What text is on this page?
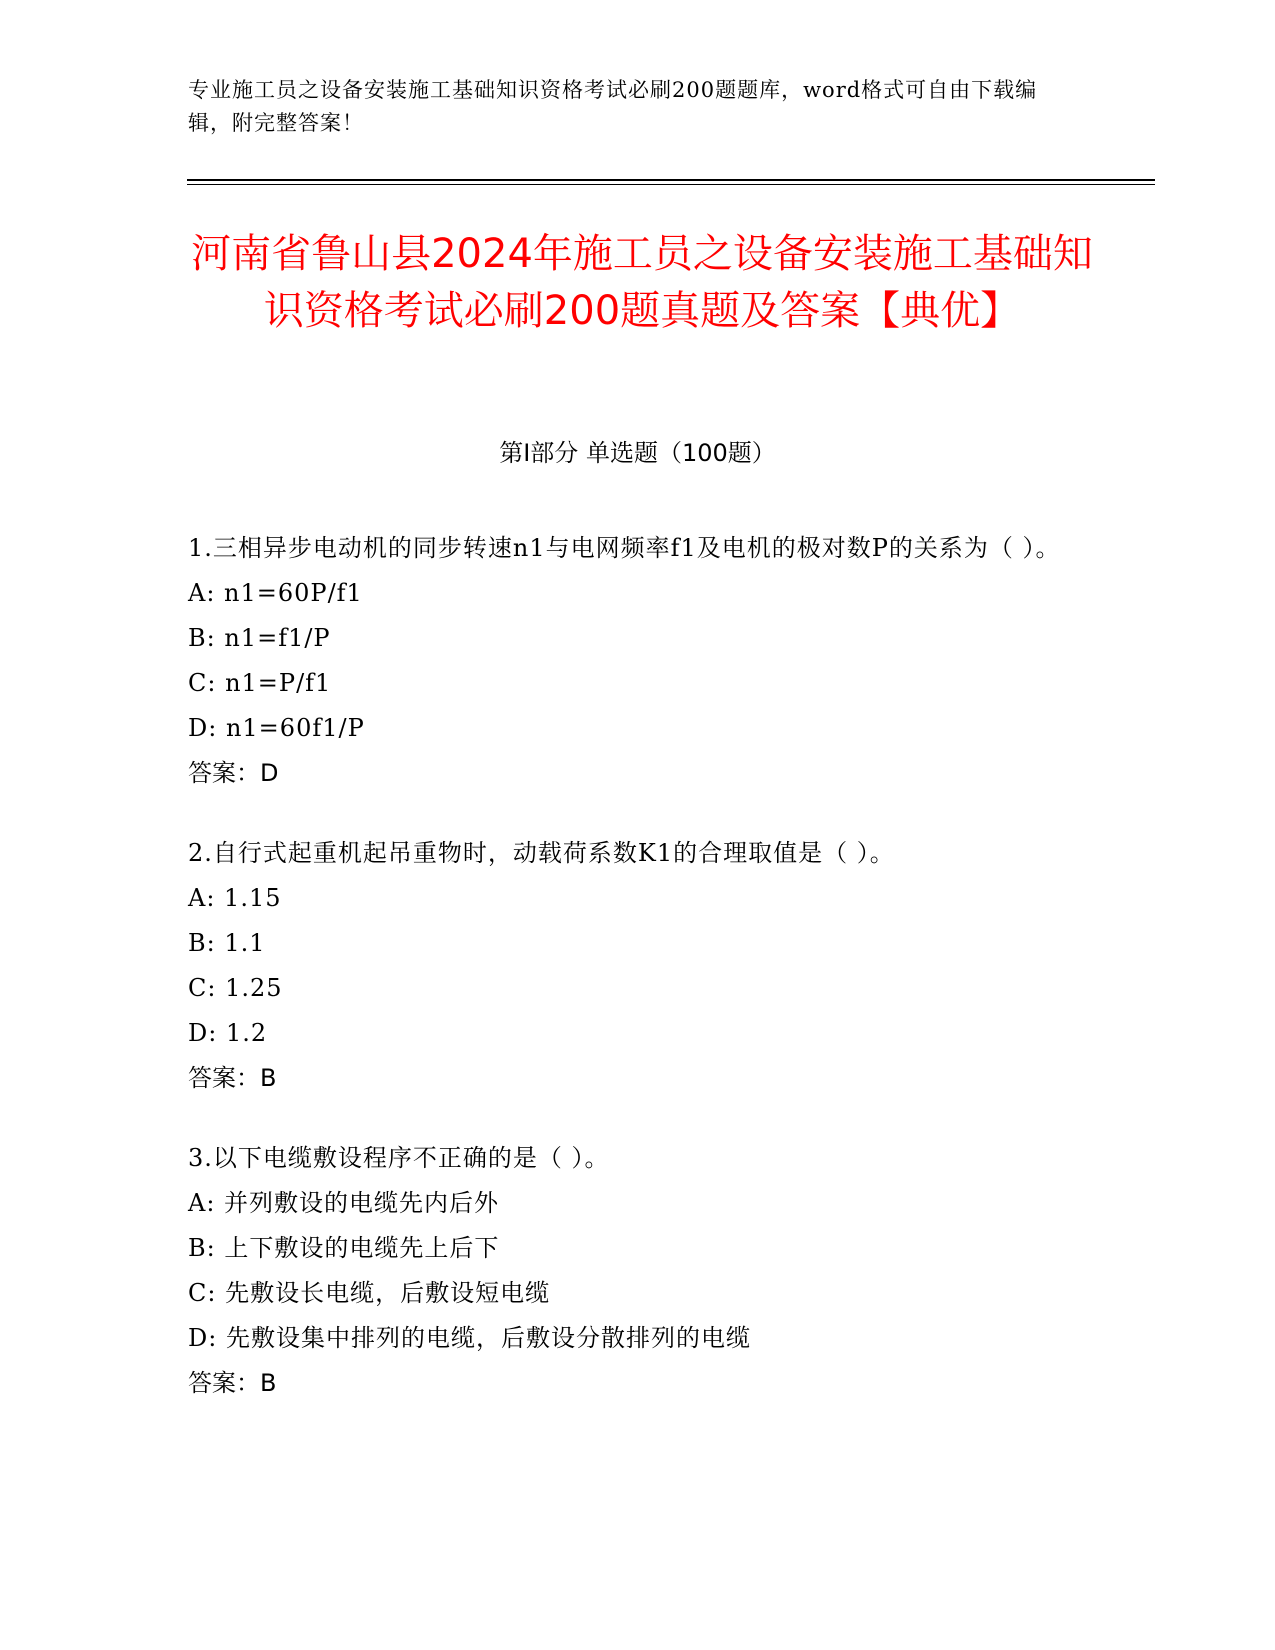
专业施工员之设备安装施工基础知识资格考试必刷200题题库，word格式可自由下载编辑，附完整答案！
河南省鲁山县2024年施工员之设备安装施工基础知识资格考试必刷200题真题及答案【典优】
第Ⅰ部分 单选题（100题）

1.三相异步电动机的同步转速n1与电网频率f1及电机的极对数P的关系为（ ）。

A: n1=60P/f1

B: n1=f1/P

C: n1=P/f1

D: n1=60f1/P

答案：D

2.自行式起重机起吊重物时，动载荷系数K1的合理取值是（ ）。

A: 1.15

B: 1.1

C: 1.25

D: 1.2

答案：B

3.以下电缆敷设程序不正确的是（ ）。

A: 并列敷设的电缆先内后外

B: 上下敷设的电缆先上后下

C: 先敷设长电缆，后敷设短电缆

D: 先敷设集中排列的电缆，后敷设分散排列的电缆

答案：B
